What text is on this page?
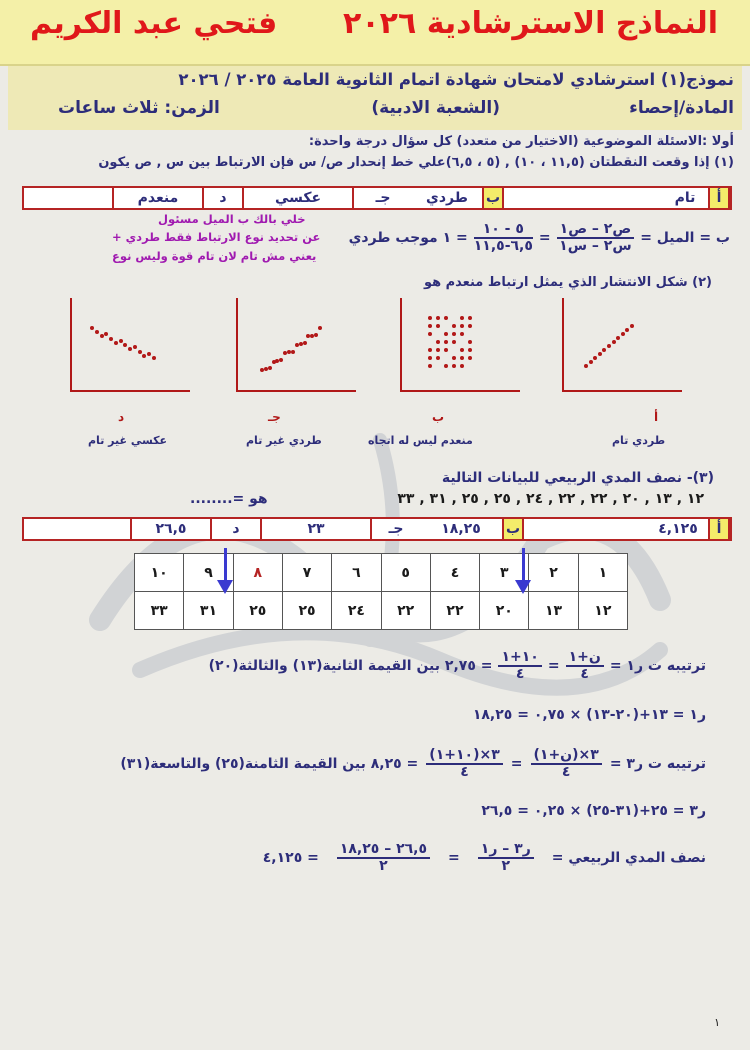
النماذج الاسترشادية ٢٠٢٦
فتحي عبد الكريم
نموذج(١) استرشادي لامتحان شهادة اتمام الثانوية العامة ٢٠٢٥ / ٢٠٢٦
المادة/إحصاء
(الشعبة الادبية)
الزمن: ثلاث ساعات
أولا :الاسئلة الموضوعية (الاختيار من متعدد) كل سؤال درجة واحدة:
(١) إذا وقعت النقطتان (١١,٥ ، ١٠) , (٥ ، ٦,٥)علي خط إنحدار ص/ س فإن الارتباط بين س , ص يكون
أ
تام
ب
طردي
جـ
عكسي
د
منعدم
خلي بالك ب الميل مسئول
عن تحديد نوع الارتباط فقط طردي +
يعني مش تام لان تام قوة وليس نوع
ب = الميل =
$\frac{\text{ص٢ – ص١}}{\text{س٢ – س١}}$
=
$\frac{٥ - ١٠}{٦,٥-١١,٥}$
= ١ موجب طردي
(٢) شكل الانتشار الذي يمثل ارتباط منعدم هو
د	جـ	ب	أ
عكسي غير تام	طردي غير تام	منعدم ليس له اتجاه	طردي تام
(٣)- نصف المدي الربيعي للبيانات التالية
١٢ , ١٣ , ٢٠ , ٢٢ , ٢٢ , ٢٤ , ٢٥ , ٢٥ , ٣١ , ٣٣
هو =........
أ
٤,١٢٥
ب
١٨,٢٥
جـ
٢٣
د
٢٦,٥
١	٢	٣	٤	٥	٦	٧	٨	٩	١٠
١٢	١٣	٢٠	٢٢	٢٢	٢٤	٢٥	٢٥	٣١	٣٣
ترتيبه ت ر١ =
$\frac{\text{ن+١}}{٤}$
=
$\frac{١٠+١}{٤}$
= ٢,٧٥ بين القيمة الثانية(١٣) والثالثة(٢٠)
ر١ = ١٣+(٢٠-١٣) × ٠,٧٥ = ١٨,٢٥
ترتيبه ت ر٣ =
$\frac{\text{٣×(ن+١)}}{٤}$
=
$\frac{٣\times(١٠+١)}{٤}$
= ٨,٢٥ بين القيمة الثامنة(٢٥) والتاسعة(٣١)
ر٣ = ٢٥+(٣١-٢٥) × ٠,٢٥ = ٢٦,٥
نصف المدي الربيعي =
$\frac{\text{ر٣ – ر١}}{٢}$
=
$\frac{٢٦,٥ - ١٨,٢٥}{٢}$
= ٤,١٢٥
١
